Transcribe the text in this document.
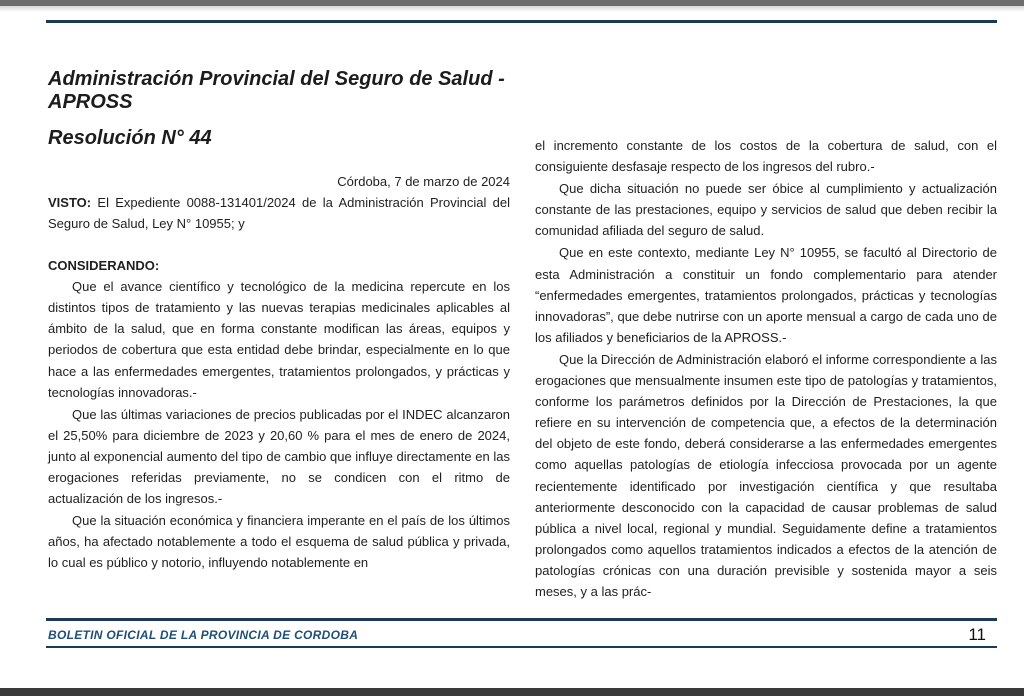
Administración Provincial del Seguro de Salud - APROSS
Resolución N° 44

Córdoba, 7 de marzo de 2024

VISTO: El Expediente 0088-131401/2024 de la Administración Provincial del Seguro de Salud, Ley N° 10955; y

CONSIDERANDO:

Que el avance científico y tecnológico de la medicina repercute en los distintos tipos de tratamiento y las nuevas terapias medicinales aplicables al ámbito de la salud, que en forma constante modifican las áreas, equipos y periodos de cobertura que esta entidad debe brindar, especialmente en lo que hace a las enfermedades emergentes, tratamientos prolongados, y prácticas y tecnologías innovadoras.-

Que las últimas variaciones de precios publicadas por el INDEC alcanzaron el 25,50% para diciembre de 2023 y 20,60 % para el mes de enero de 2024, junto al exponencial aumento del tipo de cambio que influye directamente en las erogaciones referidas previamente, no se condicen con el ritmo de actualización de los ingresos.-

Que la situación económica y financiera imperante en el país de los últimos años, ha afectado notablemente a todo el esquema de salud pública y privada, lo cual es público y notorio, influyendo notablemente en

el incremento constante de los costos de la cobertura de salud, con el consiguiente desfasaje respecto de los ingresos del rubro.-

Que dicha situación no puede ser óbice al cumplimiento y actualización constante de las prestaciones, equipo y servicios de salud que deben recibir la comunidad afiliada del seguro de salud.

Que en este contexto, mediante Ley N° 10955, se facultó al Directorio de esta Administración a constituir un fondo complementario para atender “enfermedades emergentes, tratamientos prolongados, prácticas y tecnologías innovadoras”, que debe nutrirse con un aporte mensual a cargo de cada uno de los afiliados y beneficiarios de la APROSS.-

Que la Dirección de Administración elaboró el informe correspondiente a las erogaciones que mensualmente insumen este tipo de patologías y tratamientos, conforme los parámetros definidos por la Dirección de Prestaciones, la que refiere en su intervención de competencia que, a efectos de la determinación del objeto de este fondo, deberá considerarse a las enfermedades emergentes como aquellas patologías de etiología infecciosa provocada por un agente recientemente identificado por investigación científica y que resultaba anteriormente desconocido con la capacidad de causar problemas de salud pública a nivel local, regional y mundial. Seguidamente define a tratamientos prolongados como aquellos tratamientos indicados a efectos de la atención de patologías crónicas con una duración previsible y sostenida mayor a seis meses, y a las prác-

BOLETIN OFICIAL DE LA PROVINCIA DE CORDOBA	11
